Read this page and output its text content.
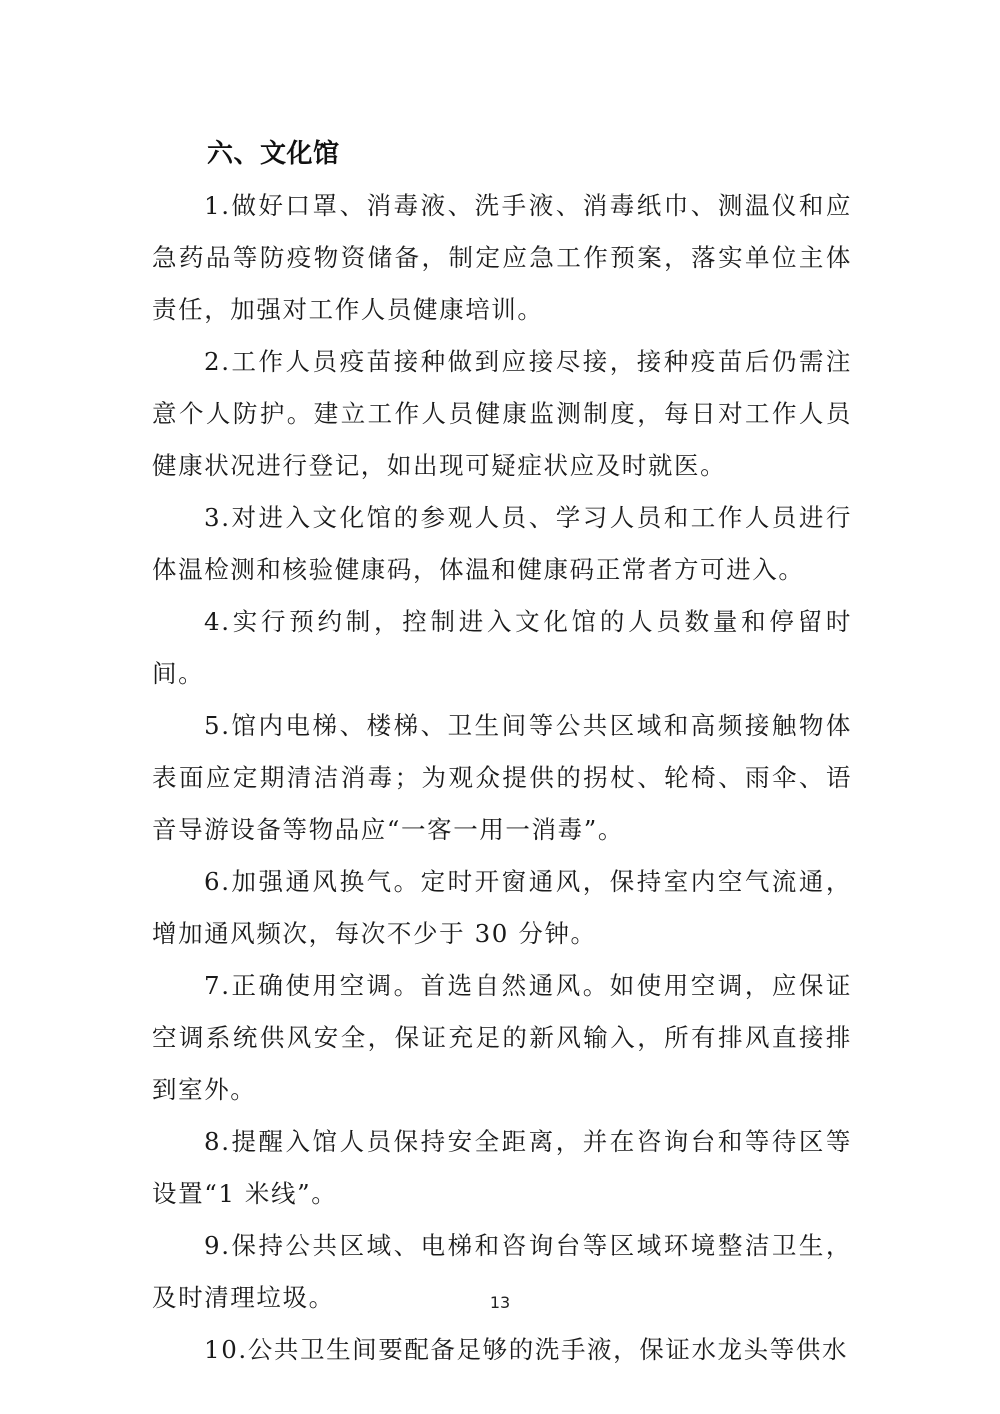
六、文化馆

1.做好口罩、消毒液、洗手液、消毒纸巾、测温仪和应急药品等防疫物资储备，制定应急工作预案，落实单位主体责任，加强对工作人员健康培训。

2.工作人员疫苗接种做到应接尽接，接种疫苗后仍需注意个人防护。建立工作人员健康监测制度，每日对工作人员健康状况进行登记，如出现可疑症状应及时就医。

3.对进入文化馆的参观人员、学习人员和工作人员进行体温检测和核验健康码，体温和健康码正常者方可进入。

4.实行预约制，控制进入文化馆的人员数量和停留时间。

5.馆内电梯、楼梯、卫生间等公共区域和高频接触物体表面应定期清洁消毒；为观众提供的拐杖、轮椅、雨伞、语音导游设备等物品应“一客一用一消毒”。

6.加强通风换气。定时开窗通风，保持室内空气流通，增加通风频次，每次不少于 30 分钟。

7.正确使用空调。首选自然通风。如使用空调，应保证空调系统供风安全，保证充足的新风输入，所有排风直接排到室外。

8.提醒入馆人员保持安全距离，并在咨询台和等待区等设置“1 米线”。

9.保持公共区域、电梯和咨询台等区域环境整洁卫生，及时清理垃圾。

10.公共卫生间要配备足够的洗手液，保证水龙头等供水

13
